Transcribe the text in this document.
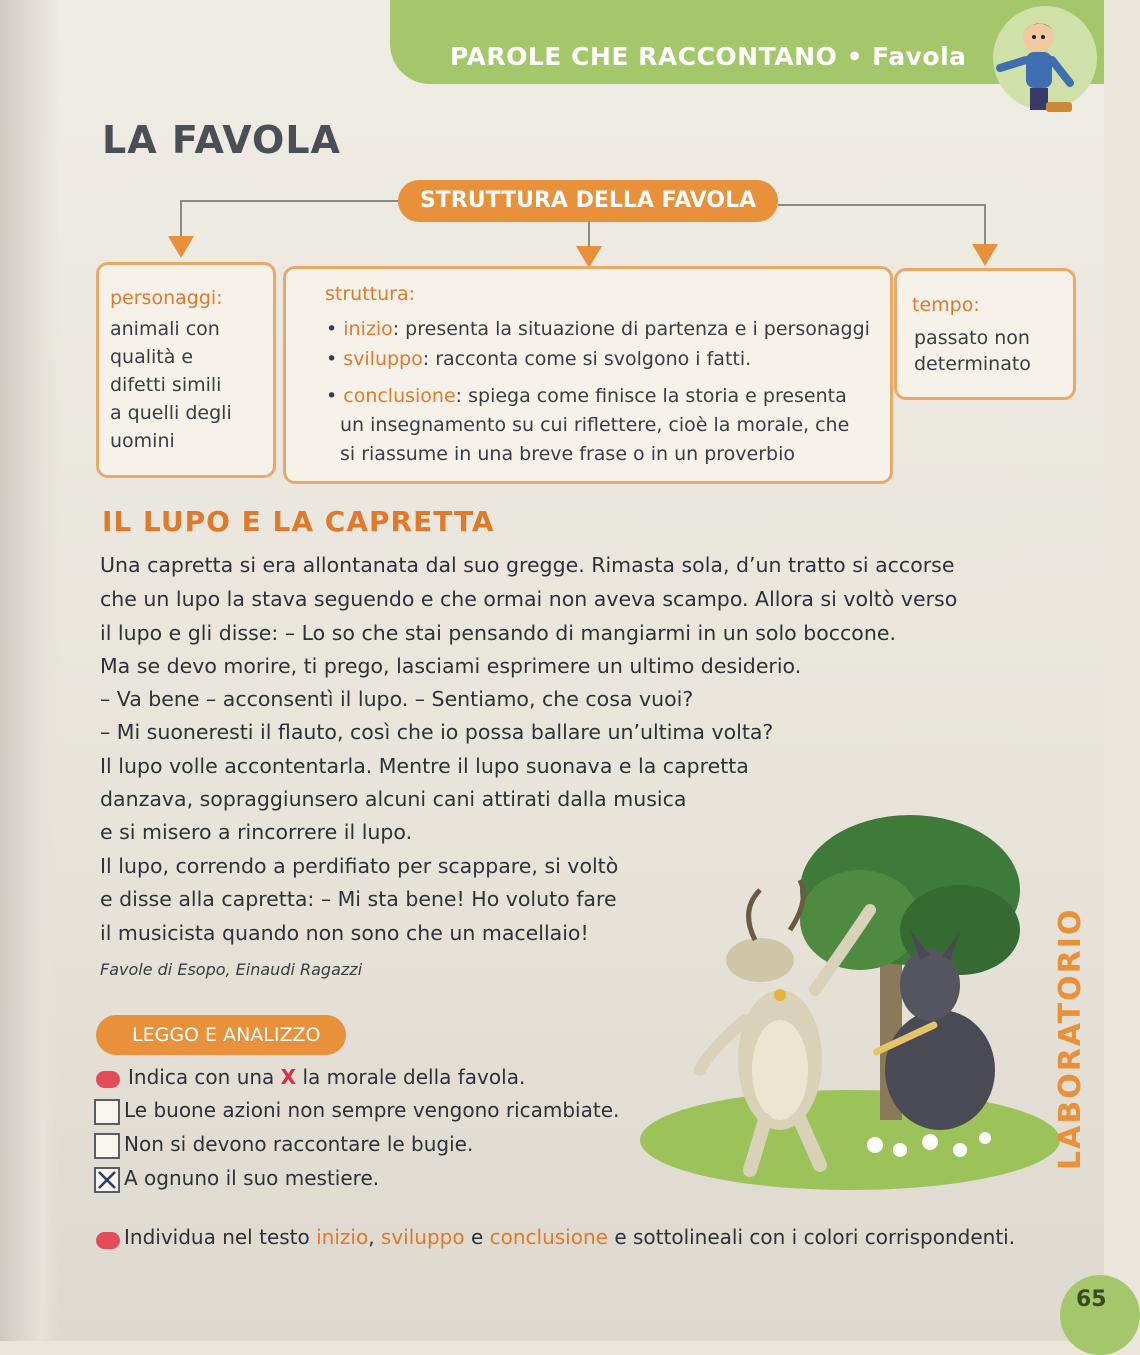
PAROLE CHE RACCONTANO • Favola
LA FAVOLA
STRUTTURA DELLA FAVOLA
personaggi:
animali con
qualità e
difetti simili
a quelli degli
uomini
struttura:
• inizio: presenta la situazione di partenza e i personaggi
• sviluppo: racconta come si svolgono i fatti.
• conclusione: spiega come finisce la storia e presenta
un insegnamento su cui riflettere, cioè la morale, che
si riassume in una breve frase o in un proverbio
tempo:
passato non
determinato
IL LUPO E LA CAPRETTA
Una capretta si era allontanata dal suo gregge. Rimasta sola, d’un tratto si accorse
che un lupo la stava seguendo e che ormai non aveva scampo. Allora si voltò verso
il lupo e gli disse: – Lo so che stai pensando di mangiarmi in un solo boccone.
Ma se devo morire, ti prego, lasciami esprimere un ultimo desiderio.
– Va bene – acconsentì il lupo. – Sentiamo, che cosa vuoi?
– Mi suoneresti il flauto, così che io possa ballare un’ultima volta?
Il lupo volle accontentarla. Mentre il lupo suonava e la capretta
danzava, sopraggiunsero alcuni cani attirati dalla musica
e si misero a rincorrere il lupo.
Il lupo, correndo a perdifiato per scappare, si voltò
e disse alla capretta: – Mi sta bene! Ho voluto fare
il musicista quando non sono che un macellaio!
Favole di Esopo, Einaudi Ragazzi
LEGGO E ANALIZZO
Indica con una X la morale della favola.
Le buone azioni non sempre vengono ricambiate.
Non si devono raccontare le bugie.
A ognuno il suo mestiere.
Individua nel testo inizio, sviluppo e conclusione e sottolineali con i colori corrispondenti.
LABORATORIO
65
